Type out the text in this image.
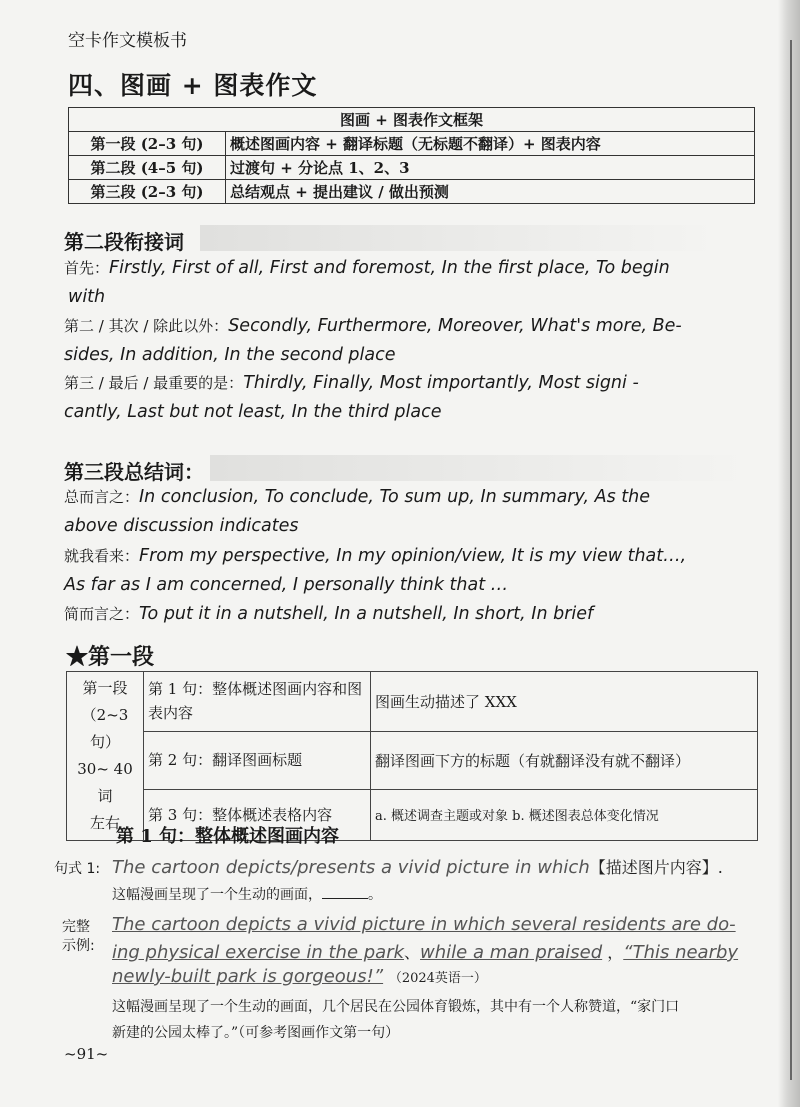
空卡作文模板书
四、图画 + 图表作文
图画 + 图表作文框架	
第一段 (2–3 句)	概述图画内容 + 翻译标题（无标题不翻译）+ 图表内容
第二段 (4–5 句)	过渡句 + 分论点 1、2、3
第三段 (2–3 句)	总结观点 + 提出建议 / 做出预测
第二段衔接词
首先：Firstly, First of all, First and foremost, In the first place, To begin
with
第二 / 其次 / 除此以外：Secondly, Furthermore, Moreover, What's more, Be-
sides, In addition, In the second place
第三 / 最后 / 最重要的是：Thirdly, Finally, Most importantly, Most signi -
cantly, Last but not least, In the third place
第三段总结词：
总而言之：In conclusion, To conclude, To sum up, In summary, As the
above discussion indicates
就我看来：From my perspective, In my opinion/view, It is my view that…,
As far as I am concerned, I personally think that …
简而言之：To put it in a nutshell, In a nutshell, In short, In brief
★第一段
第一段
（2~3句）
30~ 40 词
左右	第 1 句：整体概述图画内容和图表内容	图画生动描述了 XXX
	第 2 句：翻译图画标题	翻译图画下方的标题（有就翻译没有就不翻译）
	第 3 句：整体概述表格内容	a. 概述调查主题或对象 b. 概述图表总体变化情况
第 1 句：整体概述图画内容
句式 1: The cartoon depicts/presents a vivid picture in which【描述图片内容】.
这幅漫画呈现了一个生动的画面，	。
完整
示例:
The cartoon depicts a vivid picture in which several residents are do-
ing physical exercise in the park、while a man praised ，“This nearby
newly-built park is gorgeous!” （2024英语一）
这幅漫画呈现了一个生动的画面，几个居民在公园体育锻炼，其中有一个人称赞道，“家门口
新建的公园太棒了。”（可参考图画作文第一句）
~91~
